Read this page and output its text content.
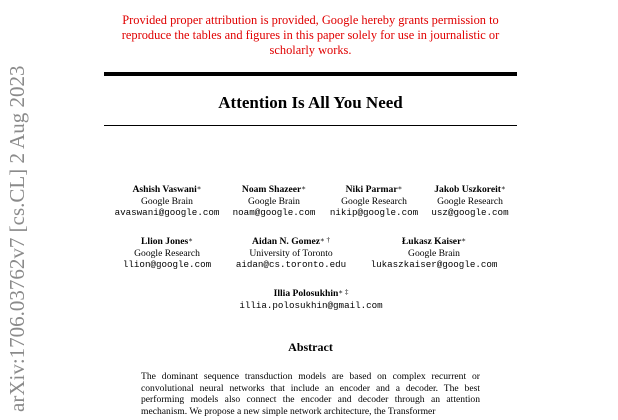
arXiv:1706.03762v7 [cs.CL] 2 Aug 2023
Provided proper attribution is provided, Google hereby grants permission to reproduce the tables and figures in this paper solely for use in journalistic or scholarly works.
Attention Is All You Need
Ashish Vaswani∗
Google Brain
avaswani@google.com
Noam Shazeer∗
Google Brain
noam@google.com
Niki Parmar∗
Google Research
nikip@google.com
Jakob Uszkoreit∗
Google Research
usz@google.com
Llion Jones∗
Google Research
llion@google.com
Aidan N. Gomez∗ †
University of Toronto
aidan@cs.toronto.edu
Łukasz Kaiser∗
Google Brain
lukaszkaiser@google.com
Illia Polosukhin∗ ‡
illia.polosukhin@gmail.com
Abstract
The dominant sequence transduction models are based on complex recurrent or convolutional neural networks that include an encoder and a decoder. The best performing models also connect the encoder and decoder through an attention mechanism. We propose a new simple network architecture, the Transformer
